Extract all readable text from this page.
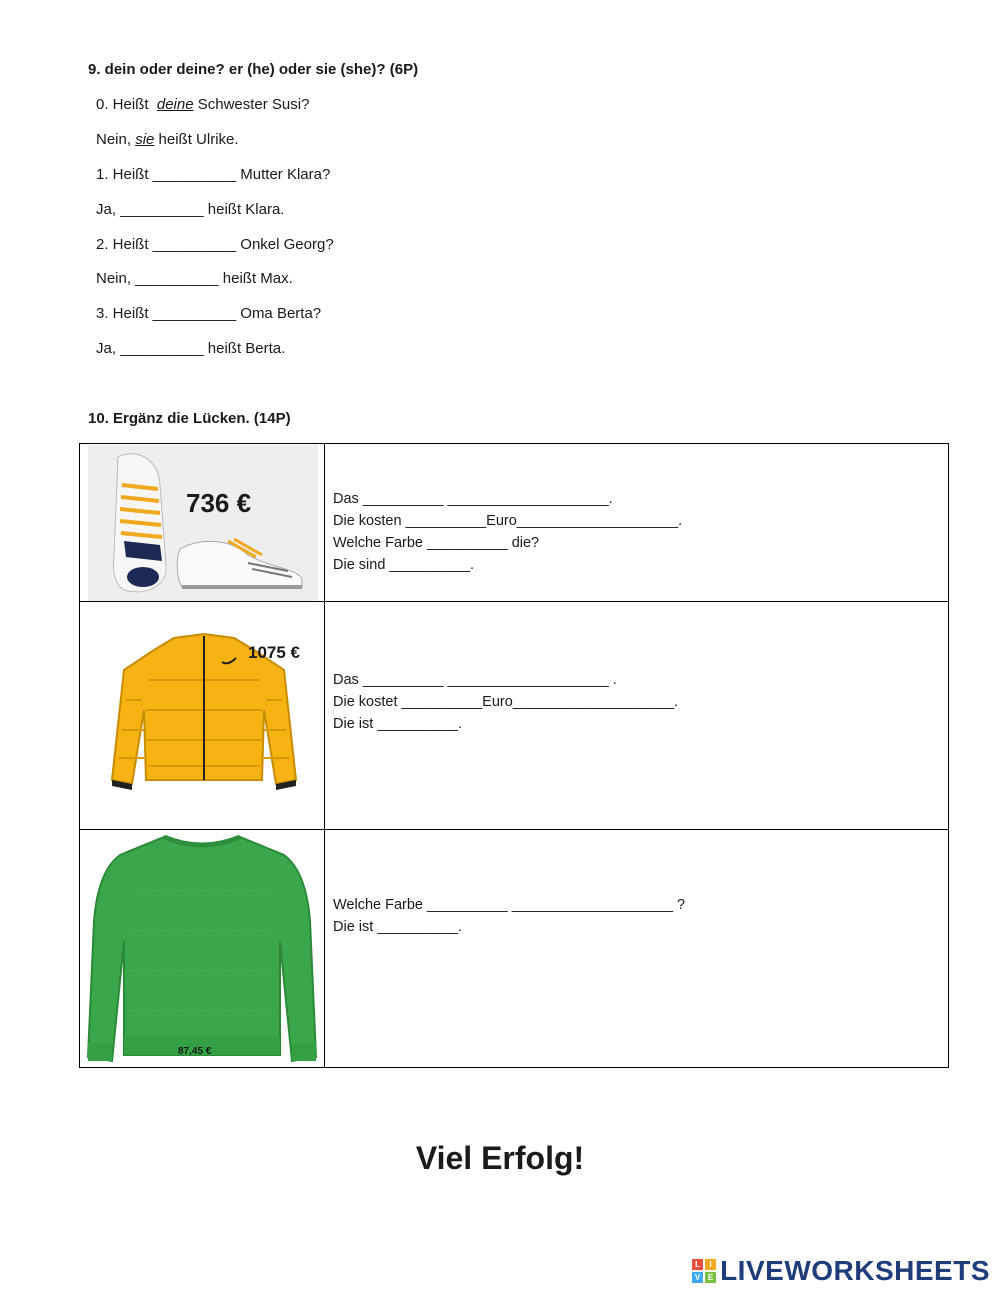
9. dein oder deine? er (he) oder sie (she)? (6P)
0. Heißt  deine Schwester Susi?
Nein, sie heißt Ulrike.
1. Heißt __________ Mutter Klara?
Ja, __________ heißt Klara.
2. Heißt __________ Onkel Georg?
Nein, __________ heißt Max.
3. Heißt __________ Oma Berta?
Ja, __________ heißt Berta.
10. Ergänz die Lücken. (14P)
736 €	Das __________ ____________________.
Die kosten __________Euro____________________.
Welche Farbe __________ die?
Die sind __________.

1075 €	Das __________ ____________________ .
Die kostet __________Euro____________________.
Die ist __________.

87,45 €	Welche Farbe __________ ____________________ ?
Die ist __________.
Viel Erfolg!
L	I
V E LIVEWORKSHEETS
